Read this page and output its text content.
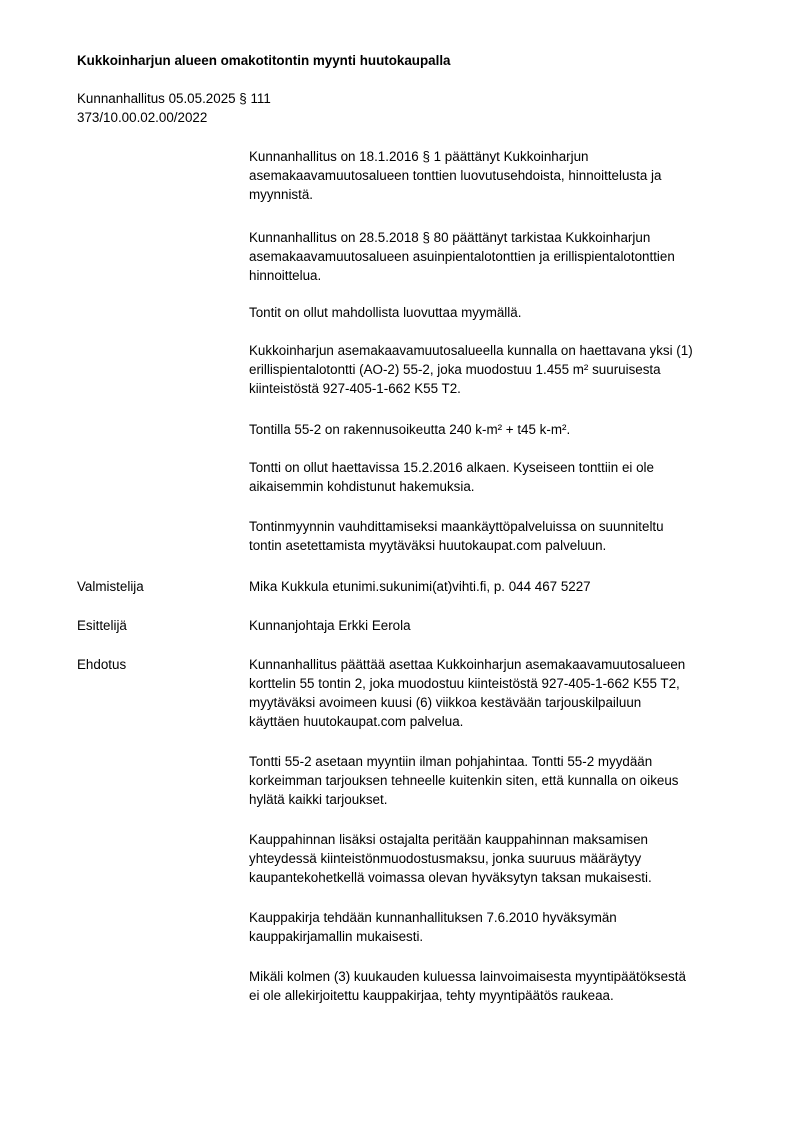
Kukkoinharjun alueen omakotitontin myynti huutokaupalla
Kunnanhallitus 05.05.2025 § 111
373/10.00.02.00/2022

Kunnanhallitus on 18.1.2016 § 1 päättänyt Kukkoinharjun
asemakaavamuutosalueen tonttien luovutusehdoista, hinnoittelusta ja
myynnistä.

Kunnanhallitus on 28.5.2018 § 80 päättänyt tarkistaa Kukkoinharjun
asemakaavamuutosalueen asuinpientalotonttien ja erillispientalotonttien
hinnoittelua.

Tontit on ollut mahdollista luovuttaa myymällä.

Kukkoinharjun asemakaavamuutosalueella kunnalla on haettavana yksi (1)
erillispientalotontti (AO-2) 55-2, joka muodostuu 1.455 m² suuruisesta
kiinteistöstä 927-405-1-662 K55 T2.

Tontilla 55-2 on rakennusoikeutta 240 k-m² + t45 k-m².

Tontti on ollut haettavissa 15.2.2016 alkaen. Kyseiseen tonttiin ei ole
aikaisemmin kohdistunut hakemuksia.

Tontinmyynnin vauhdittamiseksi maankäyttöpalveluissa on suunniteltu
tontin asetettamista myytäväksi huutokaupat.com palveluun.

Valmistelija	Mika Kukkula etunimi.sukunimi(at)vihti.fi, p. 044 467 5227
Esittelijä	Kunnanjohtaja Erkki Eerola
Ehdotus	Kunnanhallitus päättää asettaa Kukkoinharjun asemakaavamuutosalueen
korttelin 55 tontin 2, joka muodostuu kiinteistöstä 927-405-1-662 K55 T2,
myytäväksi avoimeen kuusi (6) viikkoa kestävään tarjouskilpailuun
käyttäen huutokaupat.com palvelua.

Tontti 55-2 asetaan myyntiin ilman pohjahintaa. Tontti 55-2 myydään
korkeimman tarjouksen tehneelle kuitenkin siten, että kunnalla on oikeus
hylätä kaikki tarjoukset.

Kauppahinnan lisäksi ostajalta peritään kauppahinnan maksamisen
yhteydessä kiinteistönmuodostusmaksu, jonka suuruus määräytyy
kaupantekohetkellä voimassa olevan hyväksytyn taksan mukaisesti.

Kauppakirja tehdään kunnanhallituksen 7.6.2010 hyväksymän
kauppakirjamallin mukaisesti.

Mikäli kolmen (3) kuukauden kuluessa lainvoimaisesta myyntipäätöksestä
ei ole allekirjoitettu kauppakirjaa, tehty myyntipäätös raukeaa.
